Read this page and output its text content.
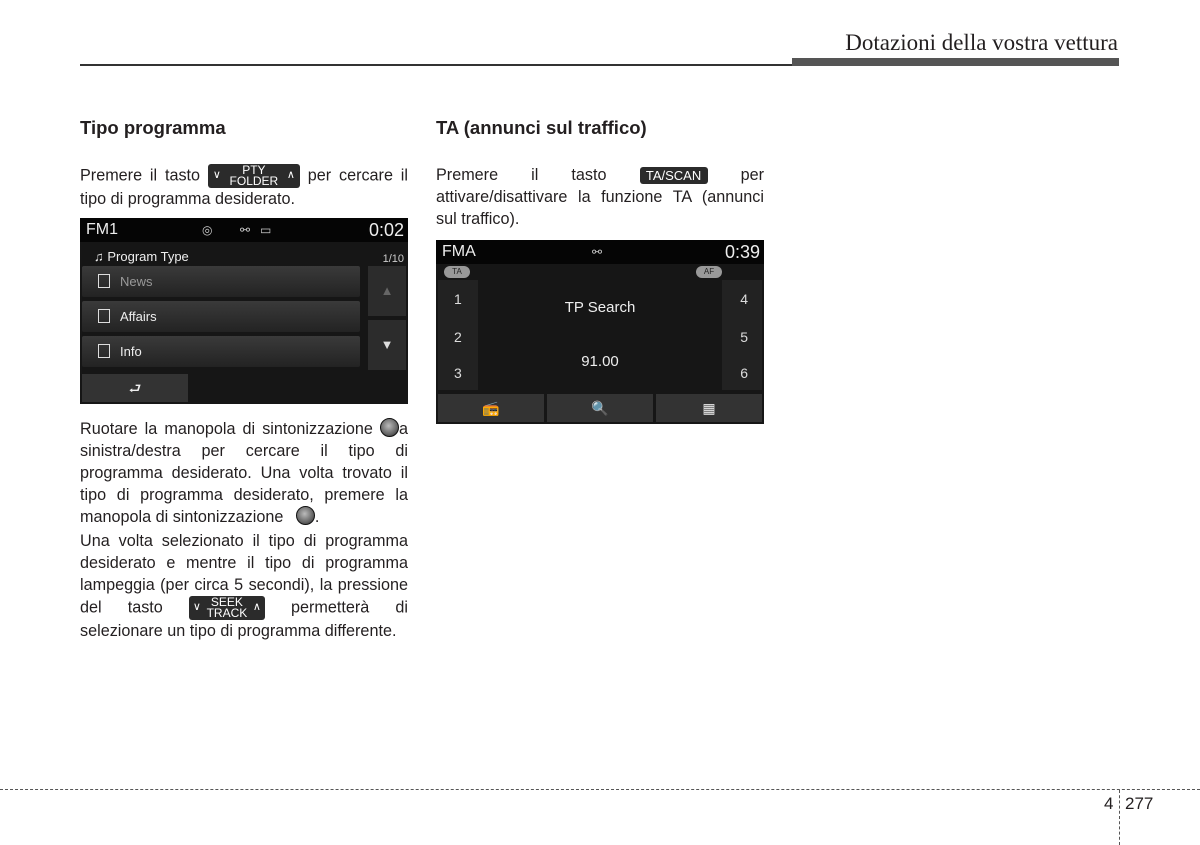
Dotazioni della vostra vettura
Tipo programma

Premere il tasto ∨	PTY
FOLDER ∧ per cercare il tipo di programma desiderato.

FM1	◎ ⚯ ▭	0:02
♫ Program Type	1/10
News
Affairs
Info
▲
▼
⮐

Ruotare la manopola di sintonizzazione a sinistra/destra per cercare il tipo di programma desiderato. Una volta trovato il tipo di programma desiderato, premere la manopola di sintonizzazione .

Una volta selezionato il tipo di programma desiderato e mentre il tipo di programma lampeggia (per circa 5 secondi), la pressione del tasto	∨ SEEK
TRACK ∧ permetterà di selezionare un tipo di programma differente.

TA (annunci sul traffico)

Premere il tasto	TA/SCAN per attivare/disattivare la funzione TA (annunci sul traffico).

FMA	⚯	0:39
TA	AF
1
2
3
4
5
6
TP Search
91.00
📻	🔍	▦
4 277
